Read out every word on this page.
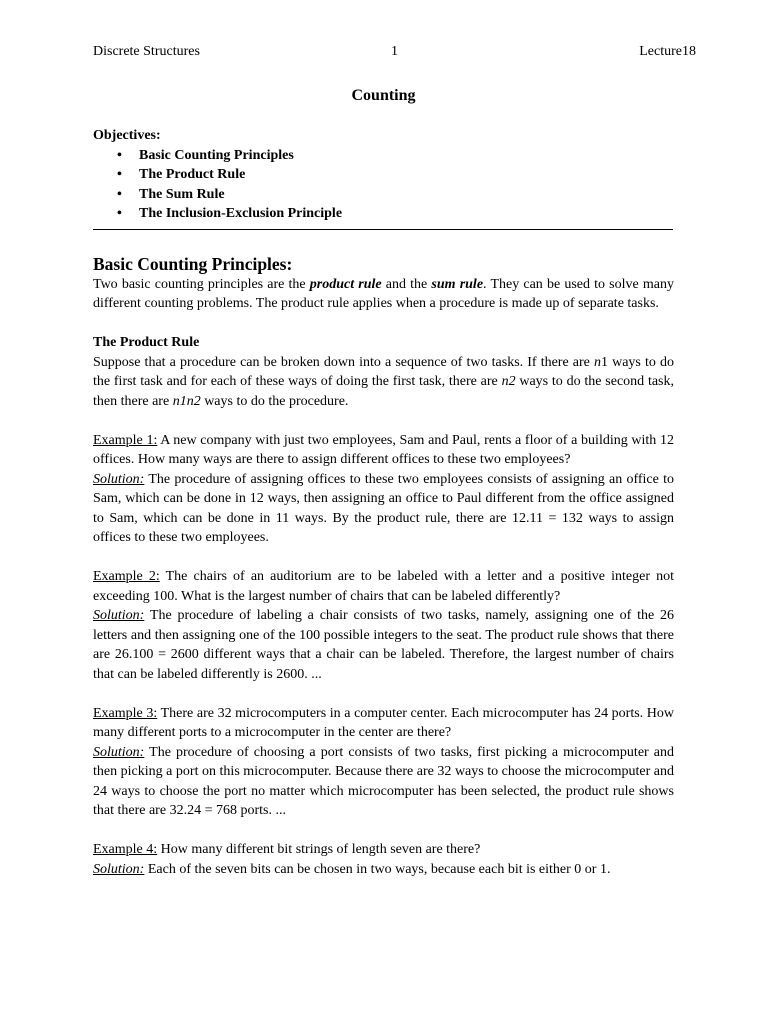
Discrete Structures	1	Lecture18
Counting
Objectives:
• Basic Counting Principles
• The Product Rule
• The Sum Rule
• The Inclusion-Exclusion Principle
Basic Counting Principles:

Two basic counting principles are the product rule and the sum rule. They can be used to solve many different counting problems. The product rule applies when a procedure is made up of separate tasks.

The Product Rule

Suppose that a procedure can be broken down into a sequence of two tasks. If there are n1 ways to do the first task and for each of these ways of doing the first task, there are n2 ways to do the second task, then there are n1n2 ways to do the procedure.

Example 1: A new company with just two employees, Sam and Paul, rents a floor of a building with 12 offices. How many ways are there to assign different offices to these two employees?

Solution: The procedure of assigning offices to these two employees consists of assigning an office to Sam, which can be done in 12 ways, then assigning an office to Paul different from the office assigned to Sam, which can be done in 11 ways. By the product rule, there are 12.11 = 132 ways to assign offices to these two employees.

Example 2: The chairs of an auditorium are to be labeled with a letter and a positive integer not exceeding 100. What is the largest number of chairs that can be labeled differently?

Solution: The procedure of labeling a chair consists of two tasks, namely, assigning one of the 26 letters and then assigning one of the 100 possible integers to the seat. The product rule shows that there are 26.100 = 2600 different ways that a chair can be labeled. Therefore, the largest number of chairs that can be labeled differently is 2600. ...

Example 3: There are 32 microcomputers in a computer center. Each microcomputer has 24 ports. How many different ports to a microcomputer in the center are there?

Solution: The procedure of choosing a port consists of two tasks, first picking a microcomputer and then picking a port on this microcomputer. Because there are 32 ways to choose the microcomputer and 24 ways to choose the port no matter which microcomputer has been selected, the product rule shows that there are 32.24 = 768 ports. ...

Example 4: How many different bit strings of length seven are there?

Solution: Each of the seven bits can be chosen in two ways, because each bit is either 0 or 1.
